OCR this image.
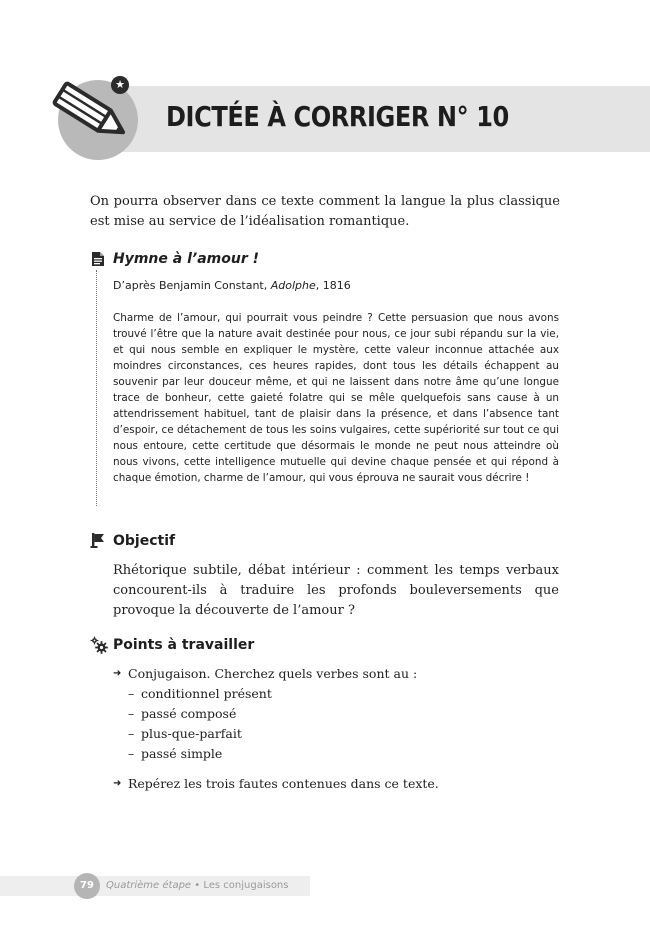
★
DICTÉE À CORRIGER N° 10

On pourra observer dans ce texte comment la langue la plus classique est mise au service de l’idéalisation romantique.

Hymne à l’amour !

D’après Benjamin Constant, Adolphe, 1816

Charme de l’amour, qui pourrait vous peindre ? Cette persuasion que nous avons trouvé l’être que la nature avait destinée pour nous, ce jour subi répandu sur la vie, et qui nous semble en expliquer le mystère, cette valeur inconnue attachée aux moindres circonstances, ces heures rapides, dont tous les détails échappent au souvenir par leur douceur même, et qui ne laissent dans notre âme qu’une longue trace de bonheur, cette gaieté folatre qui se mêle quelquefois sans cause à un attendrissement habituel, tant de plaisir dans la présence, et dans l’absence tant d’espoir, ce détachement de tous les soins vulgaires, cette supériorité sur tout ce qui nous entoure, cette certitude que désormais le monde ne peut nous atteindre où nous vivons, cette intelligence mutuelle qui devine chaque pensée et qui répond à chaque émotion, charme de l’amour, qui vous éprouva ne saurait vous décrire !

Objectif

Rhétorique subtile, débat intérieur : comment les temps verbaux concourent-ils à traduire les profonds bouleversements que provoque la découverte de l’amour ?

Points à travailler
➜ Conjugaison. Cherchez quels verbes sont au :
– conditionnel présent
– passé composé
– plus-que-parfait
– passé simple
➜ Repérez les trois fautes contenues dans ce texte.
79	Quatrième étape • Les conjugaisons
